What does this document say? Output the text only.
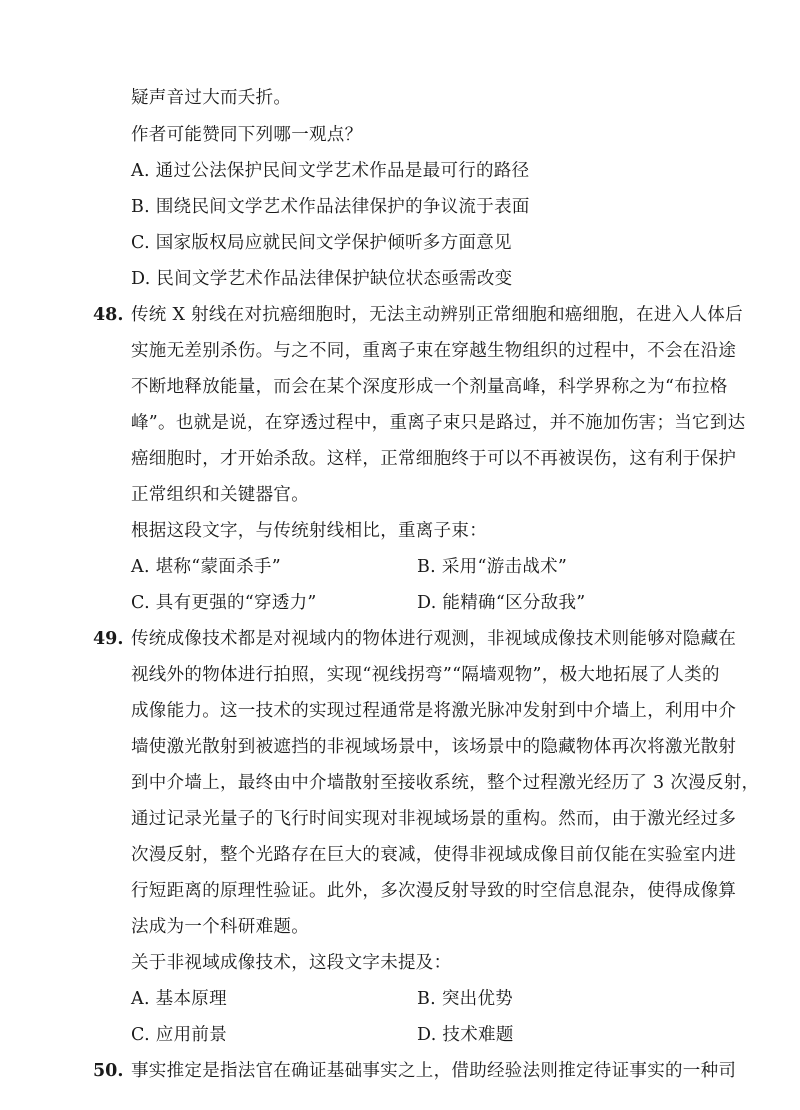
疑声音过大而夭折。
作者可能赞同下列哪一观点？
A. 通过公法保护民间文学艺术作品是最可行的路径
B. 围绕民间文学艺术作品法律保护的争议流于表面
C. 国家版权局应就民间文学保护倾听多方面意见
D. 民间文学艺术作品法律保护缺位状态亟需改变
48. 传统 X 射线在对抗癌细胞时，无法主动辨别正常细胞和癌细胞，在进入人体后
实施无差别杀伤。与之不同，重离子束在穿越生物组织的过程中，不会在沿途
不断地释放能量，而会在某个深度形成一个剂量高峰，科学界称之为“布拉格
峰”。也就是说，在穿透过程中，重离子束只是路过，并不施加伤害；当它到达
癌细胞时，才开始杀敌。这样，正常细胞终于可以不再被误伤，这有利于保护
正常组织和关键器官。
根据这段文字，与传统射线相比，重离子束：
A. 堪称“蒙面杀手”	B. 采用“游击战术”
C. 具有更强的“穿透力”	D. 能精确“区分敌我”
49. 传统成像技术都是对视域内的物体进行观测，非视域成像技术则能够对隐藏在
视线外的物体进行拍照，实现“视线拐弯”“隔墙观物”，极大地拓展了人类的
成像能力。这一技术的实现过程通常是将激光脉冲发射到中介墙上，利用中介
墙使激光散射到被遮挡的非视域场景中，该场景中的隐藏物体再次将激光散射
到中介墙上，最终由中介墙散射至接收系统，整个过程激光经历了 3 次漫反射，
通过记录光量子的飞行时间实现对非视域场景的重构。然而，由于激光经过多
次漫反射，整个光路存在巨大的衰减，使得非视域成像目前仅能在实验室内进
行短距离的原理性验证。此外，多次漫反射导致的时空信息混杂，使得成像算
法成为一个科研难题。
关于非视域成像技术，这段文字未提及：
A. 基本原理	B. 突出优势
C. 应用前景	D. 技术难题
50. 事实推定是指法官在确证基础事实之上，借助经验法则推定待证事实的一种司
